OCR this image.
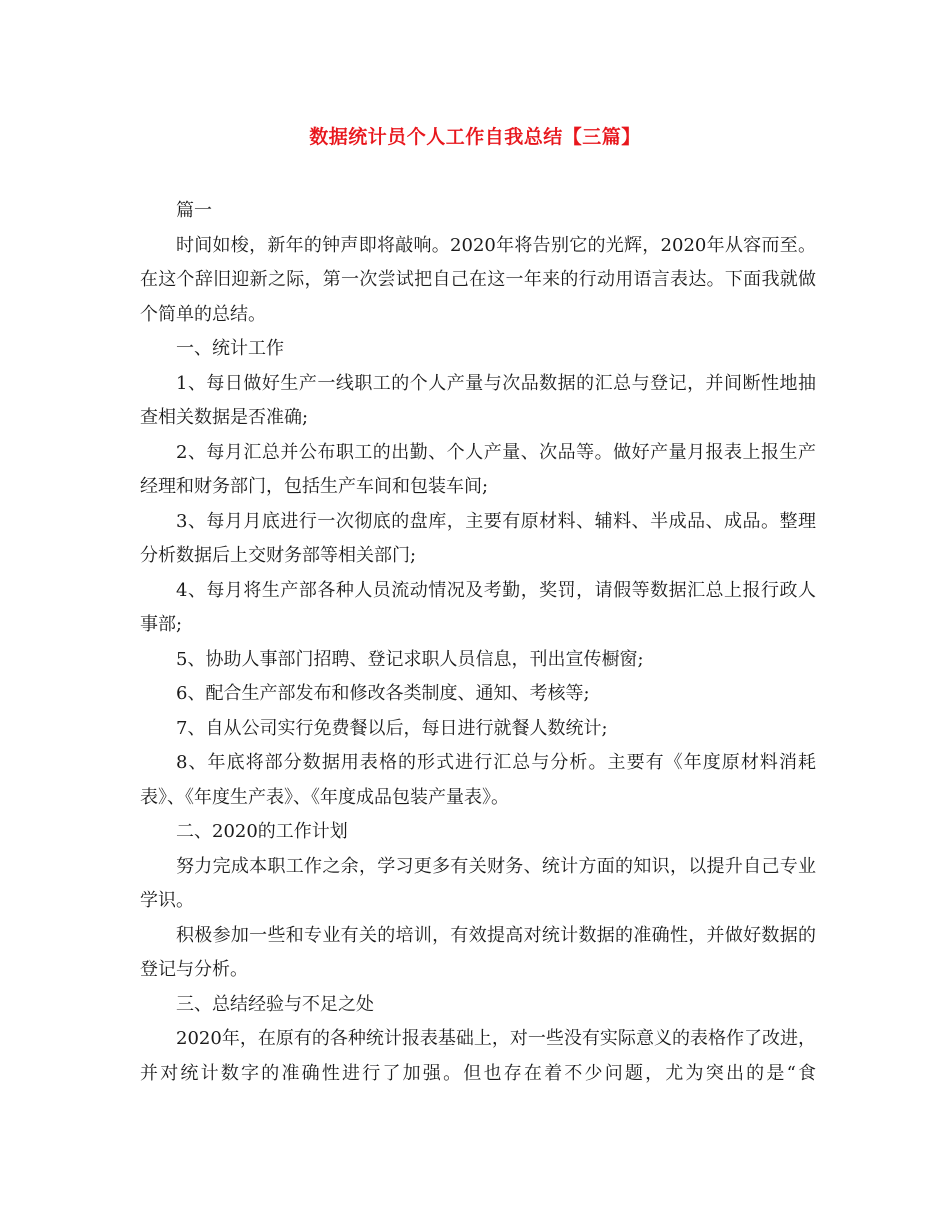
数据统计员个人工作自我总结【三篇】

篇一

时间如梭，新年的钟声即将敲响。2020年将告别它的光辉，2020年从容而至。在这个辞旧迎新之际，第一次尝试把自己在这一年来的行动用语言表达。下面我就做个简单的总结。

一、统计工作

1、每日做好生产一线职工的个人产量与次品数据的汇总与登记，并间断性地抽查相关数据是否准确;

2、每月汇总并公布职工的出勤、个人产量、次品等。做好产量月报表上报生产经理和财务部门，包括生产车间和包装车间;

3、每月月底进行一次彻底的盘库，主要有原材料、辅料、半成品、成品。整理分析数据后上交财务部等相关部门;

4、每月将生产部各种人员流动情况及考勤，奖罚，请假等数据汇总上报行政人事部;

5、协助人事部门招聘、登记求职人员信息，刊出宣传橱窗;

6、配合生产部发布和修改各类制度、通知、考核等;

7、自从公司实行免费餐以后，每日进行就餐人数统计;

8、年底将部分数据用表格的形式进行汇总与分析。主要有《年度原材料消耗表》、《年度生产表》、《年度成品包装产量表》。

二、2020的工作计划

努力完成本职工作之余，学习更多有关财务、统计方面的知识，以提升自己专业学识。

积极参加一些和专业有关的培训，有效提高对统计数据的准确性，并做好数据的登记与分析。

三、总结经验与不足之处

2020年，在原有的各种统计报表基础上，对一些没有实际意义的表格作了改进，并对统计数字的准确性进行了加强。但也存在着不少问题，尤为突出的是“食
